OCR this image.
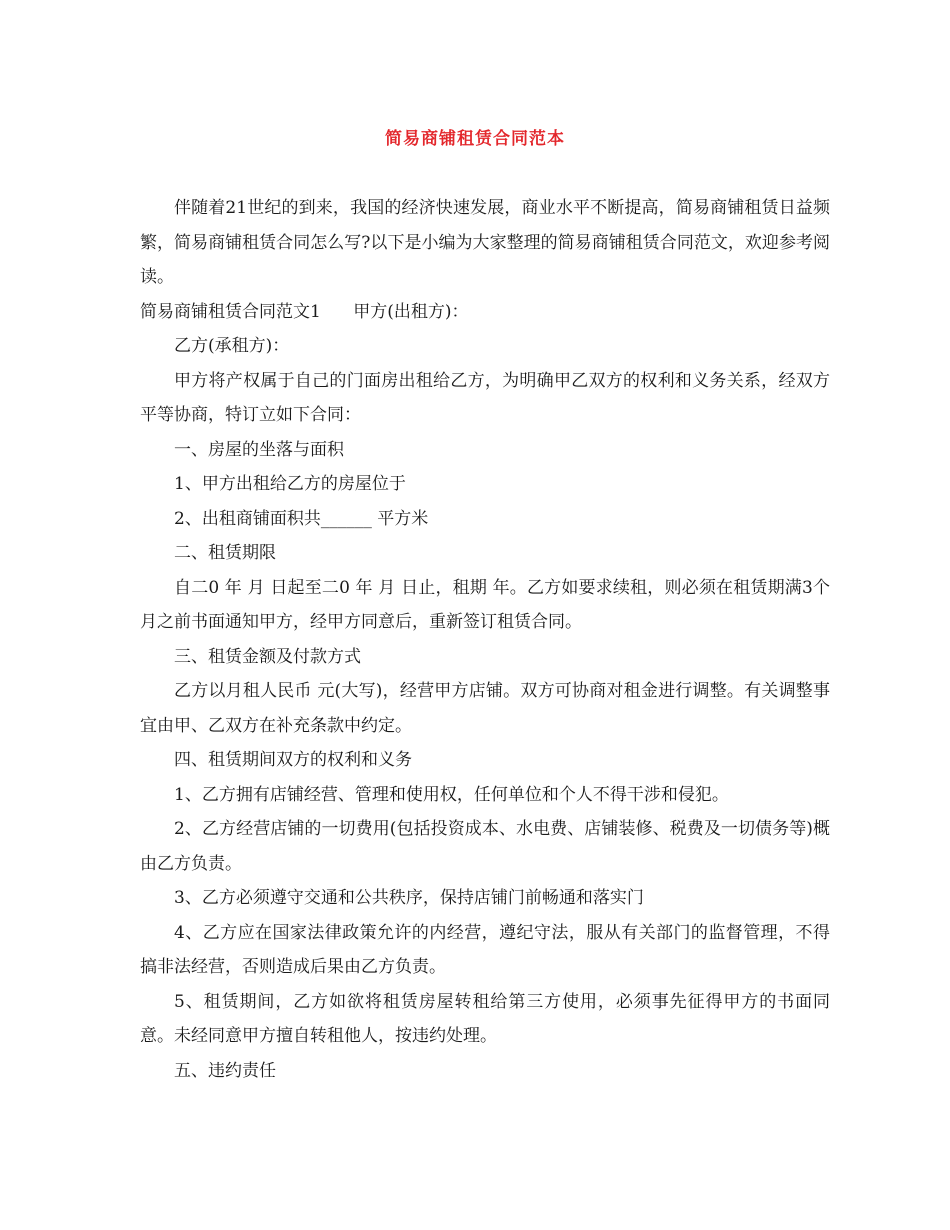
简易商铺租赁合同范本

伴随着21世纪的到来，我国的经济快速发展，商业水平不断提高，简易商铺租赁日益频繁，简易商铺租赁合同怎么写?以下是小编为大家整理的简易商铺租赁合同范文，欢迎参考阅读。

简易商铺租赁合同范文1      甲方(出租方)：

乙方(承租方)：

甲方将产权属于自己的门面房出租给乙方，为明确甲乙双方的权利和义务关系，经双方平等协商，特订立如下合同：

一、房屋的坐落与面积

1、甲方出租给乙方的房屋位于

2、出租商铺面积共______ 平方米

二、租赁期限

自二0 年 月 日起至二0 年 月 日止，租期 年。乙方如要求续租，则必须在租赁期满3个月之前书面通知甲方，经甲方同意后，重新签订租赁合同。

三、租赁金额及付款方式

乙方以月租人民币 元(大写)，经营甲方店铺。双方可协商对租金进行调整。有关调整事宜由甲、乙双方在补充条款中约定。

四、租赁期间双方的权利和义务

1、乙方拥有店铺经营、管理和使用权，任何单位和个人不得干涉和侵犯。

2、乙方经营店铺的一切费用(包括投资成本、水电费、店铺装修、税费及一切债务等)概由乙方负责。

3、乙方必须遵守交通和公共秩序，保持店铺门前畅通和落实门

4、乙方应在国家法律政策允许的内经营，遵纪守法，服从有关部门的监督管理，不得搞非法经营，否则造成后果由乙方负责。

5、租赁期间，乙方如欲将租赁房屋转租给第三方使用，必须事先征得甲方的书面同意。未经同意甲方擅自转租他人，按违约处理。

五、违约责任
